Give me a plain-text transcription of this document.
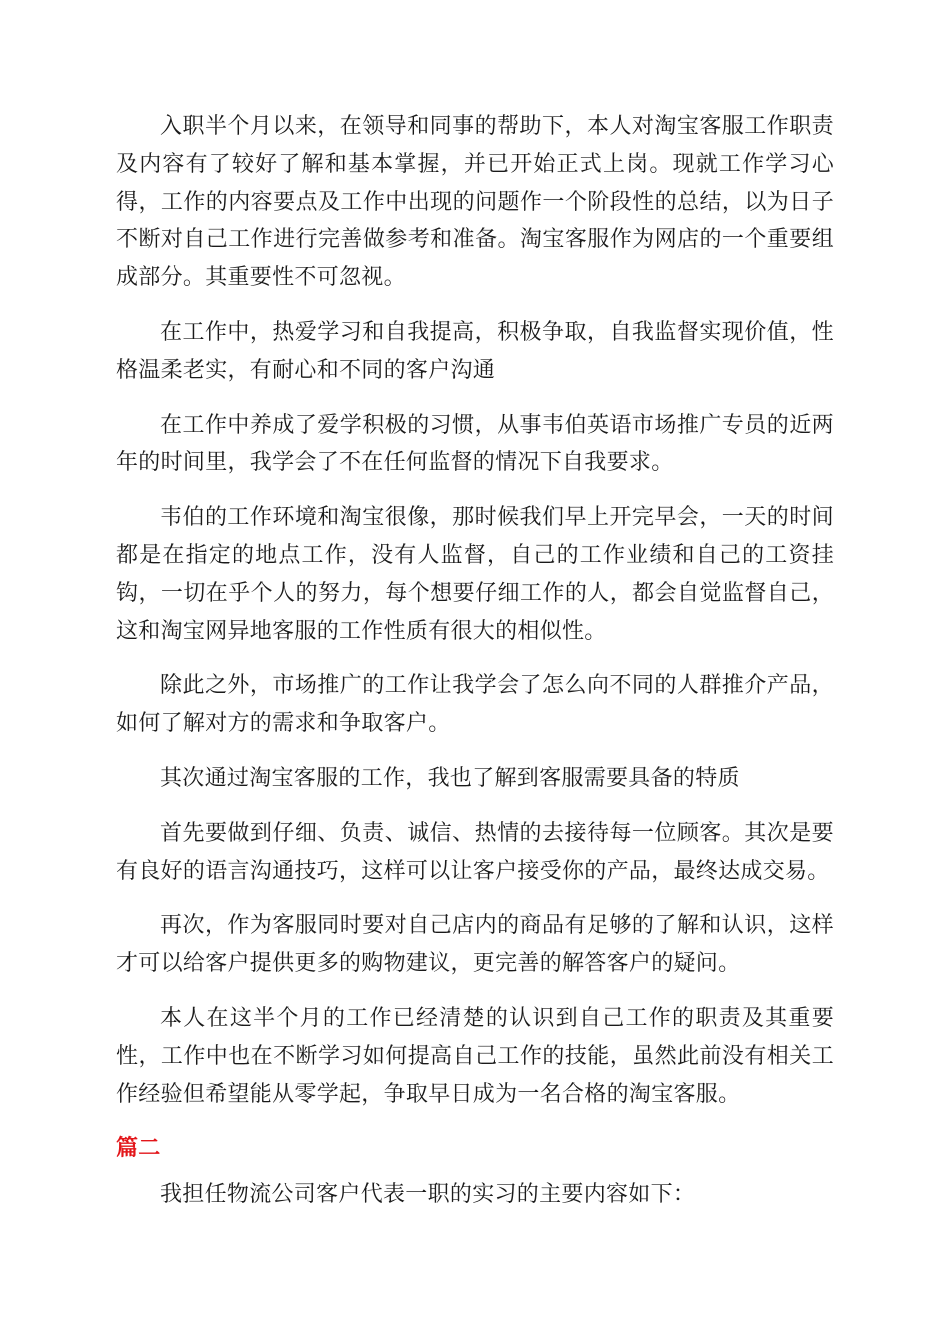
入职半个月以来，在领导和同事的帮助下，本人对淘宝客服工作职责及内容有了较好了解和基本掌握，并已开始正式上岗。现就工作学习心得，工作的内容要点及工作中出现的问题作一个阶段性的总结，以为日子不断对自己工作进行完善做参考和准备。淘宝客服作为网店的一个重要组成部分。其重要性不可忽视。

在工作中，热爱学习和自我提高，积极争取，自我监督实现价值，性格温柔老实，有耐心和不同的客户沟通

在工作中养成了爱学积极的习惯，从事韦伯英语市场推广专员的近两年的时间里，我学会了不在任何监督的情况下自我要求。

韦伯的工作环境和淘宝很像，那时候我们早上开完早会，一天的时间都是在指定的地点工作，没有人监督，自己的工作业绩和自己的工资挂钩，一切在乎个人的努力，每个想要仔细工作的人，都会自觉监督自己，这和淘宝网异地客服的工作性质有很大的相似性。

除此之外，市场推广的工作让我学会了怎么向不同的人群推介产品，如何了解对方的需求和争取客户。

其次通过淘宝客服的工作，我也了解到客服需要具备的特质

首先要做到仔细、负责、诚信、热情的去接待每一位顾客。其次是要有良好的语言沟通技巧，这样可以让客户接受你的产品，最终达成交易。

再次，作为客服同时要对自己店内的商品有足够的了解和认识，这样才可以给客户提供更多的购物建议，更完善的解答客户的疑问。

本人在这半个月的工作已经清楚的认识到自己工作的职责及其重要性，工作中也在不断学习如何提高自己工作的技能，虽然此前没有相关工作经验但希望能从零学起，争取早日成为一名合格的淘宝客服。

篇二

我担任物流公司客户代表一职的实习的主要内容如下：
